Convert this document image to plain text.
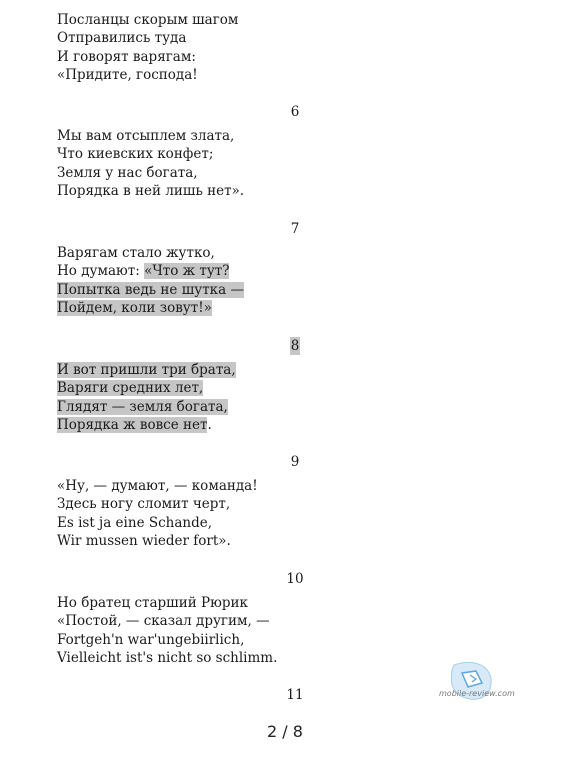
Посланцы скорым шагом
Отправились туда
И говорят варягам:
«Придите, господа!
6
Мы вам отсыплем злата,
Что киевских конфет;
Земля у нас богата,
Порядка в ней лишь нет».
7
Варягам стало жутко,
Но думают: «Что ж тут?
Попытка ведь не шутка —
Пойдем, коли зовут!»
8
И вот пришли три брата,
Варяги средних лет,
Глядят — земля богата,
Порядка ж вовсе нет.
9
«Ну, — думают, — команда!
Здесь ногу сломит черт,
Es ist ja eine Schande,
Wir mussen wieder fort».
10
Но братец старший Рюрик
«Постой, — сказал другим, —
Fortgeh'n war'ungebiirlich,
Vielleicht ist's nicht so schlimm.
11	mobile-review.com
2 / 8
